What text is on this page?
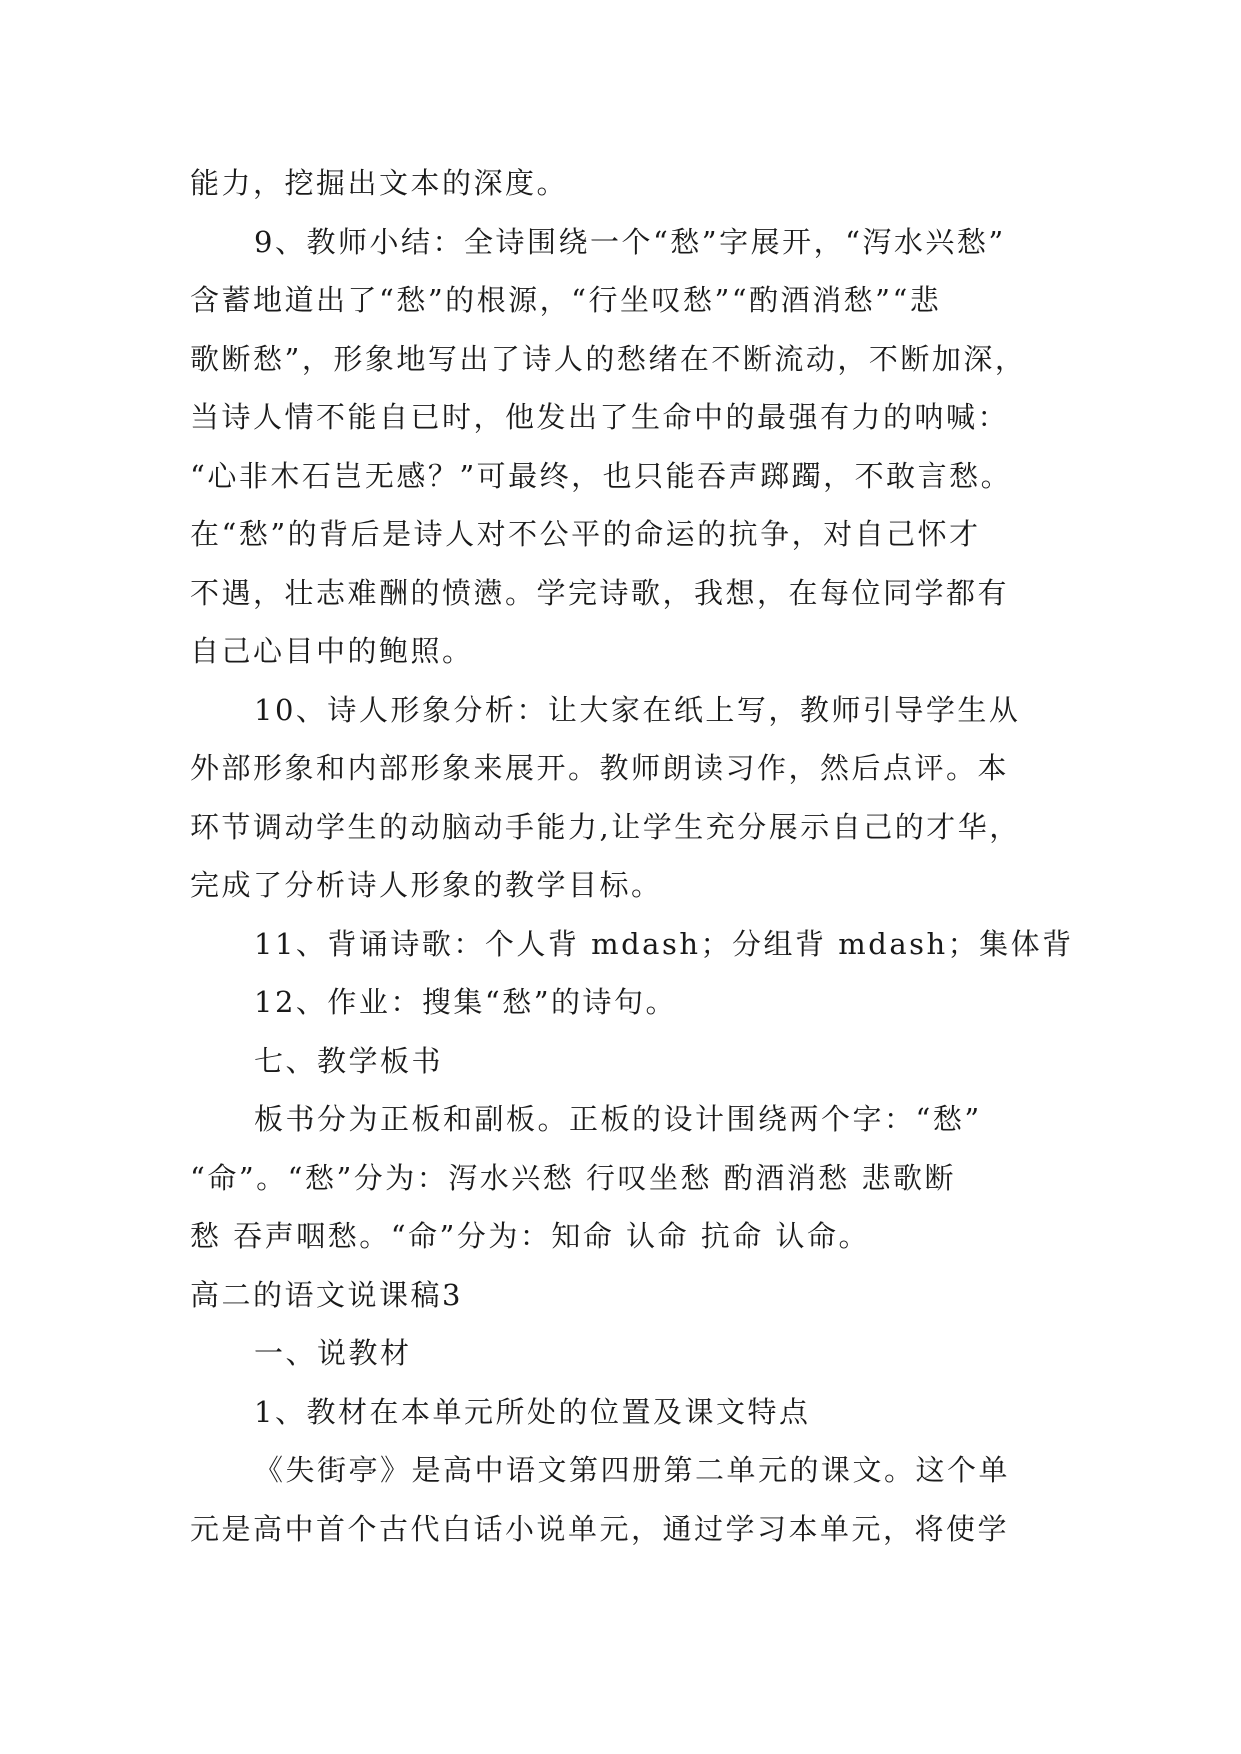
能力，挖掘出文本的深度。
9、教师小结：全诗围绕一个“愁”字展开，“泻水兴愁”
含蓄地道出了“愁”的根源，“行坐叹愁”“酌酒消愁”“悲
歌断愁”，形象地写出了诗人的愁绪在不断流动，不断加深，
当诗人情不能自已时，他发出了生命中的最强有力的呐喊：
“心非木石岂无感？”可最终，也只能吞声踯躅，不敢言愁。
在“愁”的背后是诗人对不公平的命运的抗争，对自己怀才
不遇，壮志难酬的愤懑。学完诗歌，我想，在每位同学都有
自己心目中的鲍照。
10、诗人形象分析：让大家在纸上写，教师引导学生从
外部形象和内部形象来展开。教师朗读习作，然后点评。本
环节调动学生的动脑动手能力,让学生充分展示自己的才华，
完成了分析诗人形象的教学目标。
11、背诵诗歌：个人背 mdash；分组背 mdash；集体背
12、作业：搜集“愁”的诗句。
七、教学板书
板书分为正板和副板。正板的设计围绕两个字：“愁”
“命”。“愁”分为：泻水兴愁 行叹坐愁 酌酒消愁 悲歌断
愁 吞声咽愁。“命”分为：知命 认命 抗命 认命。
高二的语文说课稿3
一、说教材
1、教材在本单元所处的位置及课文特点
《失街亭》是高中语文第四册第二单元的课文。这个单
元是高中首个古代白话小说单元，通过学习本单元，将使学
